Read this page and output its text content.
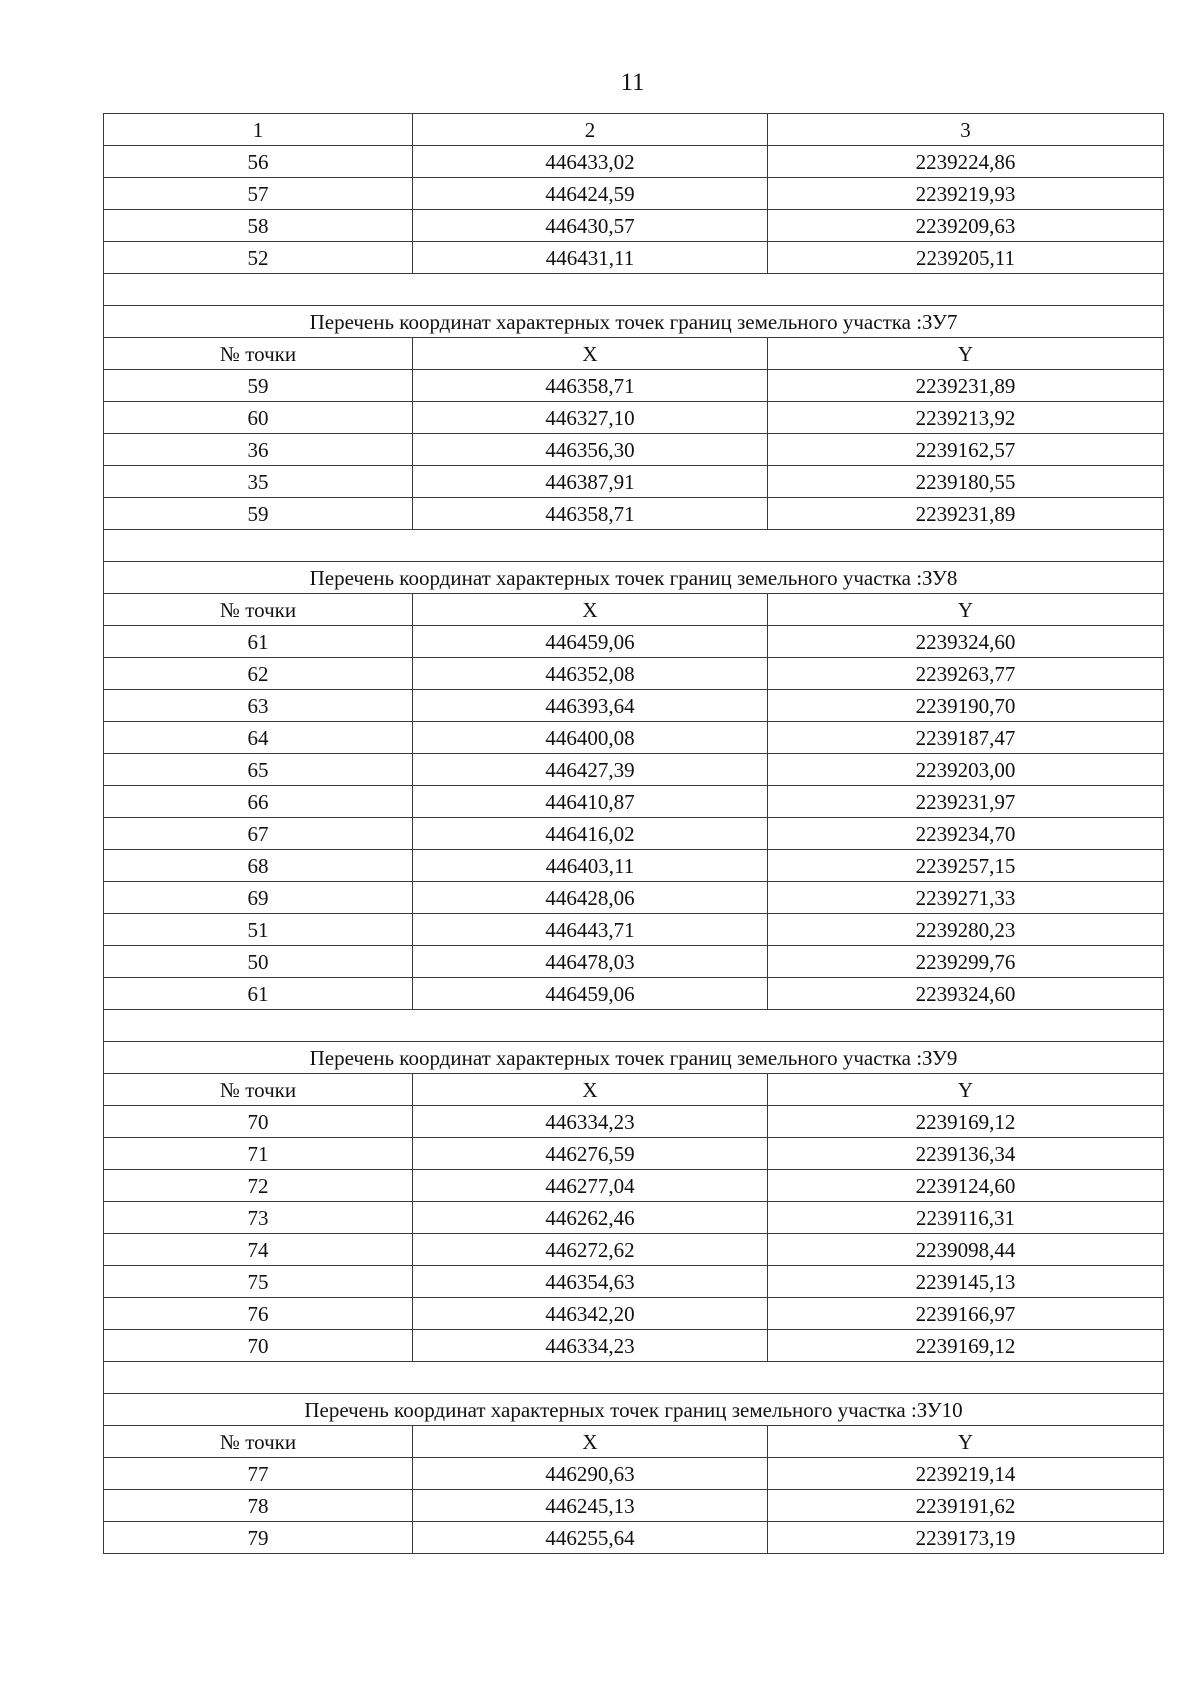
11
1	2	3
56	446433,02	2239224,86
57	446424,59	2239219,93
58	446430,57	2239209,63
52	446431,11	2239205,11

Перечень координат характерных точек границ земельного участка :ЗУ7		
№ точки	X	Y
59	446358,71	2239231,89
60	446327,10	2239213,92
36	446356,30	2239162,57
35	446387,91	2239180,55
59	446358,71	2239231,89

Перечень координат характерных точек границ земельного участка :ЗУ8		
№ точки	X	Y
61	446459,06	2239324,60
62	446352,08	2239263,77
63	446393,64	2239190,70
64	446400,08	2239187,47
65	446427,39	2239203,00
66	446410,87	2239231,97
67	446416,02	2239234,70
68	446403,11	2239257,15
69	446428,06	2239271,33
51	446443,71	2239280,23
50	446478,03	2239299,76
61	446459,06	2239324,60

Перечень координат характерных точек границ земельного участка :ЗУ9		
№ точки	X	Y
70	446334,23	2239169,12
71	446276,59	2239136,34
72	446277,04	2239124,60
73	446262,46	2239116,31
74	446272,62	2239098,44
75	446354,63	2239145,13
76	446342,20	2239166,97
70	446334,23	2239169,12

Перечень координат характерных точек границ земельного участка :ЗУ10		
№ точки	X	Y
77	446290,63	2239219,14
78	446245,13	2239191,62
79	446255,64	2239173,19
